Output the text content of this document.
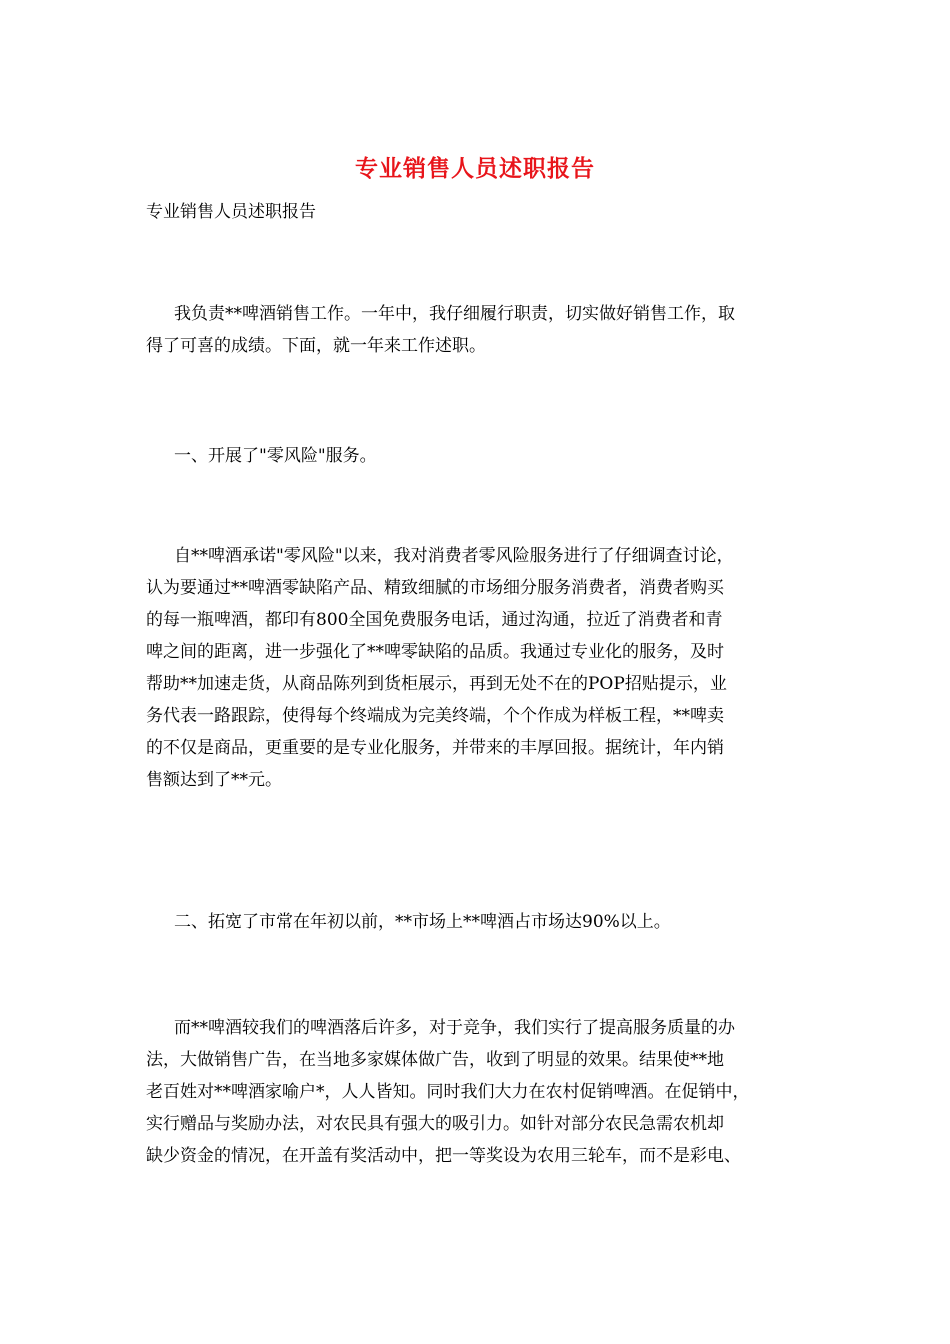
专业销售人员述职报告
专业销售人员述职报告
我负责**啤酒销售工作。一年中，我仔细履行职责，切实做好销售工作，取
得了可喜的成绩。下面，就一年来工作述职。
一、开展了"零风险"服务。
自**啤酒承诺"零风险"以来，我对消费者零风险服务进行了仔细调查讨论，
认为要通过**啤酒零缺陷产品、精致细腻的市场细分服务消费者，消费者购买
的每一瓶啤酒，都印有800全国免费服务电话，通过沟通，拉近了消费者和青
啤之间的距离，进一步强化了**啤零缺陷的品质。我通过专业化的服务，及时
帮助**加速走货，从商品陈列到货柜展示，再到无处不在的POP招贴提示，业
务代表一路跟踪，使得每个终端成为完美终端，个个作成为样板工程，**啤卖
的不仅是商品，更重要的是专业化服务，并带来的丰厚回报。据统计，年内销
售额达到了**元。
二、拓宽了市常在年初以前，**市场上**啤酒占市场达90%以上。
而**啤酒较我们的啤酒落后许多，对于竞争，我们实行了提高服务质量的办
法，大做销售广告，在当地多家媒体做广告，收到了明显的效果。结果使**地
老百姓对**啤酒家喻户*，人人皆知。同时我们大力在农村促销啤酒。在促销中，
实行赠品与奖励办法，对农民具有强大的吸引力。如针对部分农民急需农机却
缺少资金的情况，在开盖有奖活动中，把一等奖设为农用三轮车，而不是彩电、
